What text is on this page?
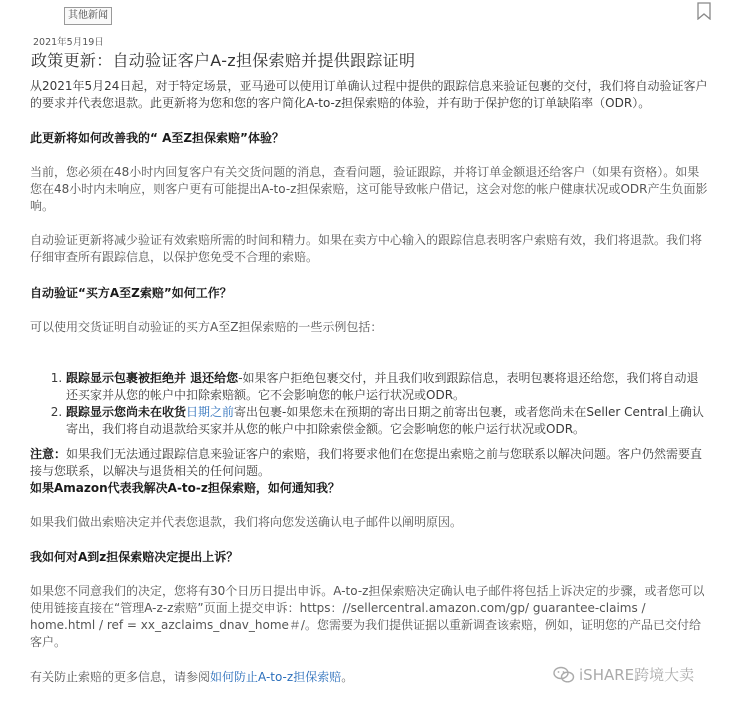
其他新闻
2021年5月19日
政策更新：自动验证客户A-z担保索赔并提供跟踪证明

从2021年5月24日起，对于特定场景，亚马逊可以使用订单确认过程中提供的跟踪信息来验证包裹的交付，我们将自动验证客户的要求并代表您退款。此更新将为您和您的客户简化A-to-z担保索赔的体验，并有助于保护您的订单缺陷率（ODR）。

此更新将如何改善我的“ A至Z担保索赔”体验？

当前，您必须在48小时内回复客户有关交货问题的消息，查看问题，验证跟踪，并将订单金额退还给客户（如果有资格）。如果您在48小时内未响应，则客户更有可能提出A-to-z担保索赔，这可能导致帐户借记，这会对您的帐户健康状况或ODR产生负面影响。

自动验证更新将减少验证有效索赔所需的时间和精力。如果在卖方中心输入的跟踪信息表明客户索赔有效，我们将退款。我们将仔细审查所有跟踪信息，以保护您免受不合理的索赔。

自动验证“买方A至Z索赔”如何工作？

可以使用交货证明自动验证的买方A至Z担保索赔的一些示例包括：

1. 跟踪显示包裹被拒绝并 退还给您-如果客户拒绝包裹交付，并且我们收到跟踪信息，表明包裹将退还给您，我们将自动退还买家并从您的帐户中扣除索赔额。它不会影响您的帐户运行状况或ODR。
2. 跟踪显示您尚未在收货日期之前寄出包裹-如果您未在预期的寄出日期之前寄出包裹，或者您尚未在Seller Central上确认寄出，我们将自动退款给买家并从您的帐户中扣除索偿金额。它会影响您的帐户运行状况或ODR。

注意：如果我们无法通过跟踪信息来验证客户的索赔，我们将要求他们在您提出索赔之前与您联系以解决问题。客户仍然需要直接与您联系，以解决与退货相关的任何问题。

如果Amazon代表我解决A-to-z担保索赔，如何通知我？

如果我们做出索赔决定并代表您退款，我们将向您发送确认电子邮件以阐明原因。

我如何对A到z担保索赔决定提出上诉？

如果您不同意我们的决定，您将有30个日历日提出申诉。A-to-z担保索赔决定确认电子邮件将包括上诉决定的步骤，或者您可以使用链接直接在“管理A-z-z索赔”页面上提交申诉：https：//sellercentral.amazon.com/gp/ guarantee-claims / home.html / ref = xx_azclaims_dnav_home＃/。您需要为我们提供证据以重新调查该索赔，例如，证明您的产品已交付给客户。

有关防止索赔的更多信息，请参阅如何防止A-to-z担保索赔。	iSHARE跨境大卖
